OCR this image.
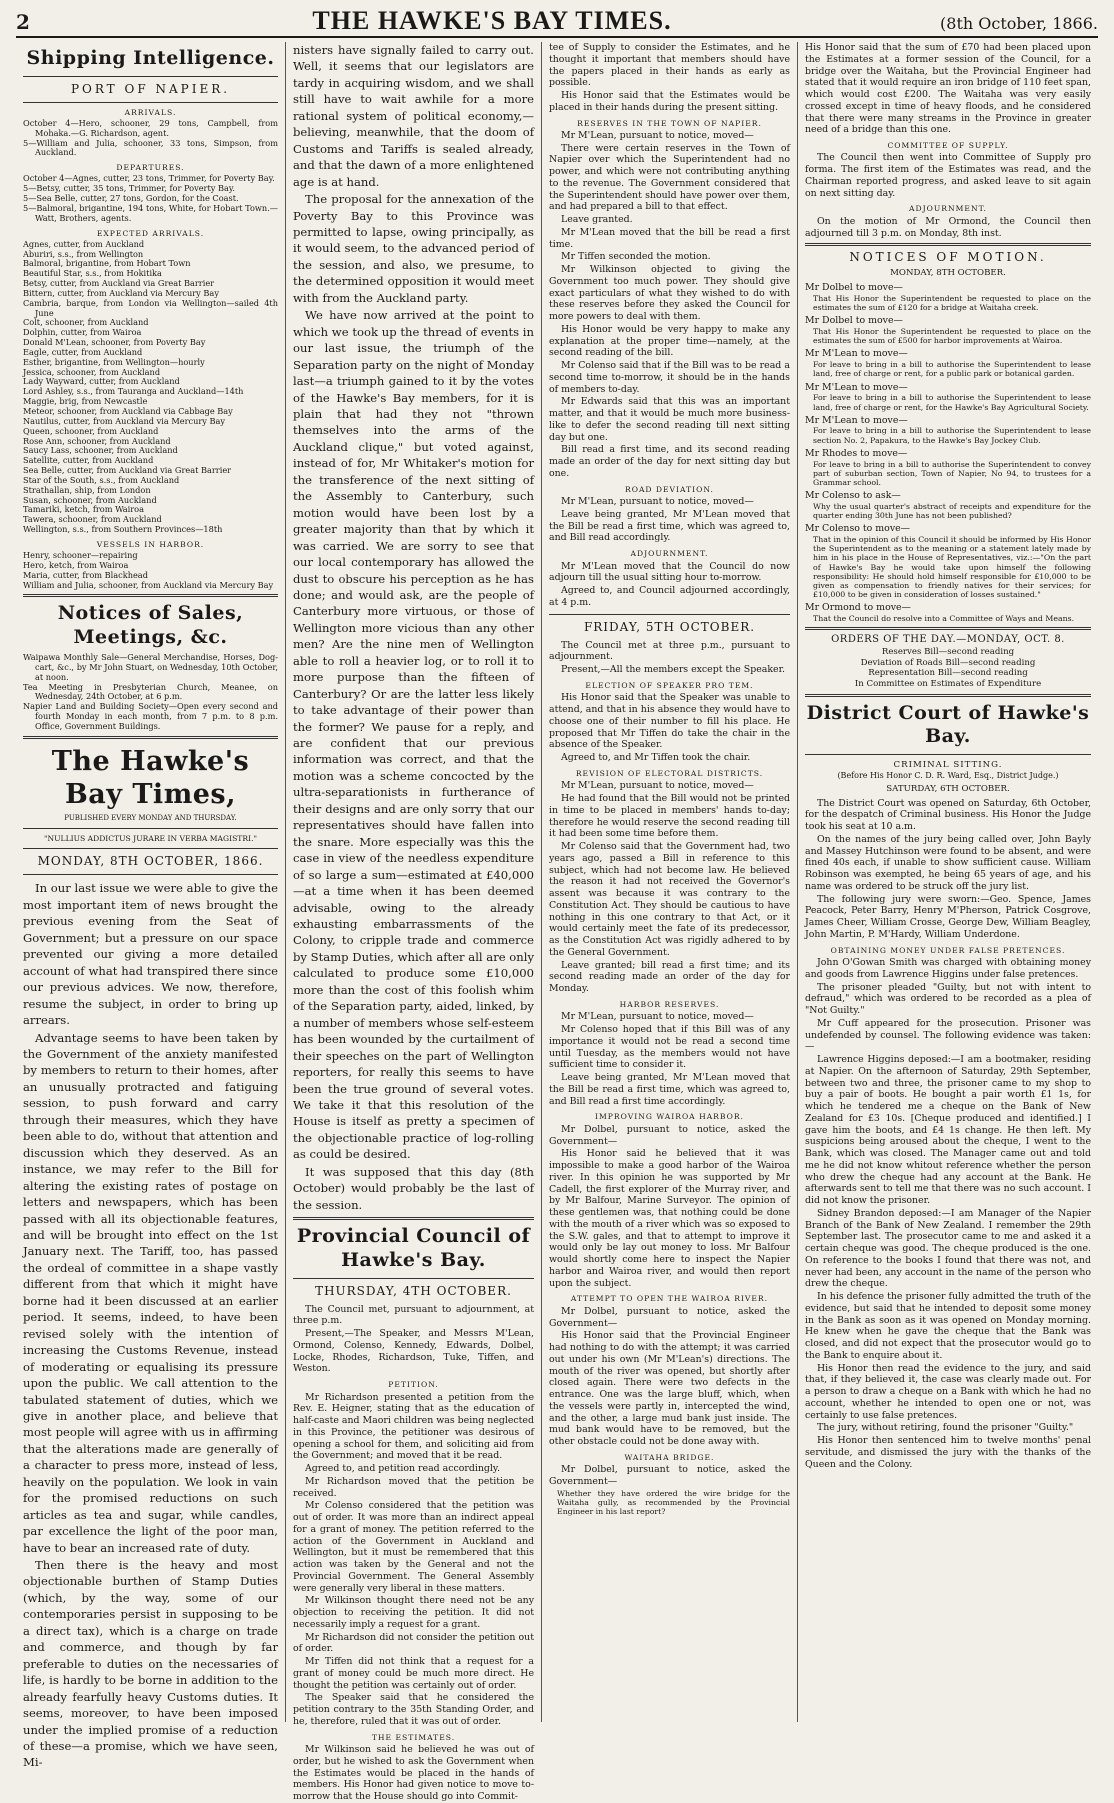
2	THE HAWKE'S BAY TIMES.	(8th October, 1866.
Shipping Intelligence.
PORT OF NAPIER.
ARRIVALS.

October 4—Hero, schooner, 29 tons, Campbell, from Mohaka.—G. Richardson, agent.

5—William and Julia, schooner, 33 tons, Simpson, from Auckland.

DEPARTURES.

October 4—Agnes, cutter, 23 tons, Trimmer, for Poverty Bay.

5—Betsy, cutter, 35 tons, Trimmer, for Poverty Bay.

5—Sea Belle, cutter, 27 tons, Gordon, for the Coast.

5—Balmoral, brigantine, 194 tons, White, for Hobart Town.—Watt, Brothers, agents.

EXPECTED ARRIVALS.

Agnes, cutter, from Auckland

Aburiri, s.s., from Wellington

Balmoral, brigantine, from Hobart Town

Beautiful Star, s.s., from Hokitika

Betsy, cutter, from Auckland via Great Barrier

Bittern, cutter, from Auckland via Mercury Bay

Cambria, barque, from London via Wellington—sailed 4th June

Colt, schooner, from Auckland

Dolphin, cutter, from Wairoa

Donald M'Lean, schooner, from Poverty Bay

Eagle, cutter, from Auckland

Esther, brigantine, from Wellington—hourly

Jessica, schooner, from Auckland

Lady Wayward, cutter, from Auckland

Lord Ashley, s.s., from Tauranga and Auckland—14th

Maggie, brig, from Newcastle

Meteor, schooner, from Auckland via Cabbage Bay

Nautilus, cutter, from Auckland via Mercury Bay

Queen, schooner, from Auckland

Rose Ann, schooner, from Auckland

Saucy Lass, schooner, from Auckland

Satellite, cutter, from Auckland

Sea Belle, cutter, from Auckland via Great Barrier

Star of the South, s.s., from Auckland

Strathallan, ship, from London

Susan, schooner, from Auckland

Tamariki, ketch, from Wairoa

Tawera, schooner, from Auckland

Wellington, s.s., from Southern Provinces—18th

VESSELS IN HARBOR.

Henry, schooner—repairing

Hero, ketch, from Wairoa

Maria, cutter, from Blackhead

William and Julia, schooner, from Auckland via Mercury Bay

Notices of Sales, Meetings, &c.

Waipawa Monthly Sale—General Merchandise, Horses, Dog-cart, &c., by Mr John Stuart, on Wednesday, 10th October, at noon.

Tea Meeting in Presbyterian Church, Meanee, on Wednesday, 24th October, at 6 p.m.

Napier Land and Building Society—Open every second and fourth Monday in each month, from 7 p.m. to 8 p.m. Office, Government Buildings.

The Hawke's Bay Times,
PUBLISHED EVERY MONDAY AND THURSDAY.
"NULLIUS ADDICTUS JURARE IN VERBA MAGISTRI."
MONDAY, 8TH OCTOBER, 1866.

In our last issue we were able to give the most important item of news brought the previous evening from the Seat of Government; but a pressure on our space prevented our giving a more detailed account of what had transpired there since our previous advices. We now, therefore, resume the subject, in order to bring up arrears.

Advantage seems to have been taken by the Government of the anxiety manifested by members to return to their homes, after an unusually protracted and fatiguing session, to push forward and carry through their measures, which they have been able to do, without that attention and discussion which they deserved. As an instance, we may refer to the Bill for altering the existing rates of postage on letters and newspapers, which has been passed with all its objectionable features, and will be brought into effect on the 1st January next. The Tariff, too, has passed the ordeal of committee in a shape vastly different from that which it might have borne had it been discussed at an earlier period. It seems, indeed, to have been revised solely with the intention of increasing the Customs Revenue, instead of moderating or equalising its pressure upon the public. We call attention to the tabulated statement of duties, which we give in another place, and believe that most people will agree with us in affirming that the alterations made are generally of a character to press more, instead of less, heavily on the population. We look in vain for the promised reductions on such articles as tea and sugar, while candles, par excellence the light of the poor man, have to bear an increased rate of duty.

Then there is the heavy and most objectionable burthen of Stamp Duties (which, by the way, some of our contemporaries persist in supposing to be a direct tax), which is a charge on trade and commerce, and though by far preferable to duties on the necessaries of life, is hardly to be borne in addition to the already fearfully heavy Customs duties. It seems, moreover, to have been imposed under the implied promise of a reduction of these—a promise, which we have seen, Mi-

nisters have signally failed to carry out. Well, it seems that our legislators are tardy in acquiring wisdom, and we shall still have to wait awhile for a more rational system of political economy,—believing, meanwhile, that the doom of Customs and Tariffs is sealed already, and that the dawn of a more enlightened age is at hand.

The proposal for the annexation of the Poverty Bay to this Province was permitted to lapse, owing principally, as it would seem, to the advanced period of the session, and also, we presume, to the determined opposition it would meet with from the Auckland party.

We have now arrived at the point to which we took up the thread of events in our last issue, the triumph of the Separation party on the night of Monday last—a triumph gained to it by the votes of the Hawke's Bay members, for it is plain that had they not "thrown themselves into the arms of the Auckland clique," but voted against, instead of for, Mr Whitaker's motion for the transference of the next sitting of the Assembly to Canterbury, such motion would have been lost by a greater majority than that by which it was carried. We are sorry to see that our local contemporary has allowed the dust to obscure his perception as he has done; and would ask, are the people of Canterbury more virtuous, or those of Wellington more vicious than any other men? Are the nine men of Wellington able to roll a heavier log, or to roll it to more purpose than the fifteen of Canterbury? Or are the latter less likely to take advantage of their power than the former? We pause for a reply, and are confident that our previous information was correct, and that the motion was a scheme concocted by the ultra-separationists in furtherance of their designs and are only sorry that our representatives should have fallen into the snare. More especially was this the case in view of the needless expenditure of so large a sum—estimated at £40,000—at a time when it has been deemed advisable, owing to the already exhausting embarrassments of the Colony, to cripple trade and commerce by Stamp Duties, which after all are only calculated to produce some £10,000 more than the cost of this foolish whim of the Separation party, aided, linked, by a number of members whose self-esteem has been wounded by the curtailment of their speeches on the part of Wellington reporters, for really this seems to have been the true ground of several votes. We take it that this resolution of the House is itself as pretty a specimen of the objectionable practice of log-rolling as could be desired.

It was supposed that this day (8th October) would probably be the last of the session.

Provincial Council of Hawke's Bay.
THURSDAY, 4TH OCTOBER.

The Council met, pursuant to adjournment, at three p.m.

Present,—The Speaker, and Messrs M'Lean, Ormond, Colenso, Kennedy, Edwards, Dolbel, Locke, Rhodes, Richardson, Tuke, Tiffen, and Weston.

PETITION.

Mr Richardson presented a petition from the Rev. E. Heigner, stating that as the education of half-caste and Maori children was being neglected in this Province, the petitioner was desirous of opening a school for them, and soliciting aid from the Government; and moved that it be read.

Agreed to, and petition read accordingly.

Mr Richardson moved that the petition be received.

Mr Colenso considered that the petition was out of order. It was more than an indirect appeal for a grant of money. The petition referred to the action of the Government in Auckland and Wellington, but it must be remembered that this action was taken by the General and not the Provincial Government. The General Assembly were generally very liberal in these matters.

Mr Wilkinson thought there need not be any objection to receiving the petition. It did not necessarily imply a request for a grant.

Mr Richardson did not consider the petition out of order.

Mr Tiffen did not think that a request for a grant of money could be much more direct. He thought the petition was certainly out of order.

The Speaker said that he considered the petition contrary to the 35th Standing Order, and he, therefore, ruled that it was out of order.

THE ESTIMATES.

Mr Wilkinson said he believed he was out of order, but he wished to ask the Government when the Estimates would be placed in the hands of members. His Honor had given notice to move to-morrow that the House should go into Commit-

tee of Supply to consider the Estimates, and he thought it important that members should have the papers placed in their hands as early as possible.

His Honor said that the Estimates would be placed in their hands during the present sitting.

RESERVES IN THE TOWN OF NAPIER.

Mr M'Lean, pursuant to notice, moved—

There were certain reserves in the Town of Napier over which the Superintendent had no power, and which were not contributing anything to the revenue. The Government considered that the Superintendent should have power over them, and had prepared a bill to that effect.

Leave granted.

Mr M'Lean moved that the bill be read a first time.

Mr Tiffen seconded the motion.

Mr Wilkinson objected to giving the Government too much power. They should give exact particulars of what they wished to do with these reserves before they asked the Council for more powers to deal with them.

His Honor would be very happy to make any explanation at the proper time—namely, at the second reading of the bill.

Mr Colenso said that if the Bill was to be read a second time to-morrow, it should be in the hands of members to-day.

Mr Edwards said that this was an important matter, and that it would be much more business-like to defer the second reading till next sitting day but one.

Bill read a first time, and its second reading made an order of the day for next sitting day but one.

ROAD DEVIATION.

Mr M'Lean, pursuant to notice, moved—

Leave being granted, Mr M'Lean moved that the Bill be read a first time, which was agreed to, and Bill read accordingly.

ADJOURNMENT.

Mr M'Lean moved that the Council do now adjourn till the usual sitting hour to-morrow.

Agreed to, and Council adjourned accordingly, at 4 p.m.

FRIDAY, 5TH OCTOBER.

The Council met at three p.m., pursuant to adjournment.

Present,—All the members except the Speaker.

ELECTION OF SPEAKER PRO TEM.

His Honor said that the Speaker was unable to attend, and that in his absence they would have to choose one of their number to fill his place. He proposed that Mr Tiffen do take the chair in the absence of the Speaker.

Agreed to, and Mr Tiffen took the chair.

REVISION OF ELECTORAL DISTRICTS.

Mr M'Lean, pursuant to notice, moved—

He had found that the Bill would not be printed in time to be placed in members' hands to-day; therefore he would reserve the second reading till it had been some time before them.

Mr Colenso said that the Government had, two years ago, passed a Bill in reference to this subject, which had not become law. He believed the reason it had not received the Governor's assent was because it was contrary to the Constitution Act. They should be cautious to have nothing in this one contrary to that Act, or it would certainly meet the fate of its predecessor, as the Constitution Act was rigidly adhered to by the General Government.

Leave granted; bill read a first time; and its second reading made an order of the day for Monday.

HARBOR RESERVES.

Mr M'Lean, pursuant to notice, moved—

Mr Colenso hoped that if this Bill was of any importance it would not be read a second time until Tuesday, as the members would not have sufficient time to consider it.

Leave being granted, Mr M'Lean moved that the Bill be read a first time, which was agreed to, and Bill read a first time accordingly.

IMPROVING WAIROA HARBOR.

Mr Dolbel, pursuant to notice, asked the Government—

His Honor said he believed that it was impossible to make a good harbor of the Wairoa river. In this opinion he was supported by Mr Cadell, the first explorer of the Murray river, and by Mr Balfour, Marine Surveyor. The opinion of these gentlemen was, that nothing could be done with the mouth of a river which was so exposed to the S.W. gales, and that to attempt to improve it would only be lay out money to loss. Mr Balfour would shortly come here to inspect the Napier harbor and Wairoa river, and would then report upon the subject.

ATTEMPT TO OPEN THE WAIROA RIVER.

Mr Dolbel, pursuant to notice, asked the Government—

His Honor said that the Provincial Engineer had nothing to do with the attempt; it was carried out under his own (Mr M'Lean's) directions. The mouth of the river was opened, but shortly after closed again. There were two defects in the entrance. One was the large bluff, which, when the vessels were partly in, intercepted the wind, and the other, a large mud bank just inside. The mud bank would have to be removed, but the other obstacle could not be done away with.

WAITAHA BRIDGE.

Mr Dolbel, pursuant to notice, asked the Government—

Whether they have ordered the wire bridge for the Waitaha gully, as recommended by the Provincial Engineer in his last report?

His Honor said that the sum of £70 had been placed upon the Estimates at a former session of the Council, for a bridge over the Waitaha, but the Provincial Engineer had stated that it would require an iron bridge of 110 feet span, which would cost £200. The Waitaha was very easily crossed except in time of heavy floods, and he considered that there were many streams in the Province in greater need of a bridge than this one.

COMMITTEE OF SUPPLY.

The Council then went into Committee of Supply pro forma. The first item of the Estimates was read, and the Chairman reported progress, and asked leave to sit again on next sitting day.

ADJOURNMENT.

On the motion of Mr Ormond, the Council then adjourned till 3 p.m. on Monday, 8th inst.

NOTICES OF MOTION.
MONDAY, 8TH OCTOBER.

Mr Dolbel to move—

That His Honor the Superintendent be requested to place on the estimates the sum of £120 for a bridge at Waitaha creek.

Mr Dolbel to move—

That His Honor the Superintendent be requested to place on the estimates the sum of £500 for harbor improvements at Wairoa.

Mr M'Lean to move—

For leave to bring in a bill to authorise the Superintendent to lease land, free of charge or rent, for a public park or botanical garden.

Mr M'Lean to move—

For leave to bring in a bill to authorise the Superintendent to lease land, free of charge or rent, for the Hawke's Bay Agricultural Society.

Mr M'Lean to move—

For leave to bring in a bill to authorise the Superintendent to lease section No. 2, Papakura, to the Hawke's Bay Jockey Club.

Mr Rhodes to move—

For leave to bring in a bill to authorise the Superintendent to convey part of suburban section, Town of Napier, No 94, to trustees for a Grammar school.

Mr Colenso to ask—

Why the usual quarter's abstract of receipts and expenditure for the quarter ending 30th June has not been published?

Mr Colenso to move—

That in the opinion of this Council it should be informed by His Honor the Superintendent as to the meaning or a statement lately made by him in his place in the House of Representatives, viz.:—"On the part of Hawke's Bay he would take upon himself the following responsibility: He should hold himself responsible for £10,000 to be given as compensation to friendly natives for their services; for £10,000 to be given in consideration of losses sustained."

Mr Ormond to move—

That the Council do resolve into a Committee of Ways and Means.

ORDERS OF THE DAY.—MONDAY, OCT. 8.

Reserves Bill—second reading

Deviation of Roads Bill—second reading

Representation Bill—second reading

In Committee on Estimates of Expenditure

District Court of Hawke's Bay.
CRIMINAL SITTING.
(Before His Honor C. D. R. Ward, Esq., District Judge.)
SATURDAY, 6TH OCTOBER.

The District Court was opened on Saturday, 6th October, for the despatch of Criminal business. His Honor the Judge took his seat at 10 a.m.

On the names of the jury being called over, John Bayly and Massey Hutchinson were found to be absent, and were fined 40s each, if unable to show sufficient cause. William Robinson was exempted, he being 65 years of age, and his name was ordered to be struck off the jury list.

The following jury were sworn:—Geo. Spence, James Peacock, Peter Barry, Henry M'Pherson, Patrick Cosgrove, James Cheer, William Crosse, George Dew, William Beagley, John Martin, P. M'Hardy, William Underdone.

OBTAINING MONEY UNDER FALSE PRETENCES.

John O'Gowan Smith was charged with obtaining money and goods from Lawrence Higgins under false pretences.

The prisoner pleaded "Guilty, but not with intent to defraud," which was ordered to be recorded as a plea of "Not Guilty."

Mr Cuff appeared for the prosecution. Prisoner was undefended by counsel. The following evidence was taken:—

Lawrence Higgins deposed:—I am a bootmaker, residing at Napier. On the afternoon of Saturday, 29th September, between two and three, the prisoner came to my shop to buy a pair of boots. He bought a pair worth £1 1s, for which he tendered me a cheque on the Bank of New Zealand for £3 10s. [Cheque produced and identified.] I gave him the boots, and £4 1s change. He then left. My suspicions being aroused about the cheque, I went to the Bank, which was closed. The Manager came out and told me he did not know whitout reference whether the person who drew the cheque had any account at the Bank. He afterwards sent to tell me that there was no such account. I did not know the prisoner.

Sidney Brandon deposed:—I am Manager of the Napier Branch of the Bank of New Zealand. I remember the 29th September last. The prosecutor came to me and asked it a certain cheque was good. The cheque produced is the one. On reference to the books I found that there was not, and never had been, any account in the name of the person who drew the cheque.

In his defence the prisoner fully admitted the truth of the evidence, but said that he intended to deposit some money in the Bank as soon as it was opened on Monday morning. He knew when he gave the cheque that the Bank was closed, and did not expect that the prosecutor would go to the Bank to enquire about it.

His Honor then read the evidence to the jury, and said that, if they believed it, the case was clearly made out. For a person to draw a cheque on a Bank with which he had no account, whether he intended to open one or not, was certainly to use false pretences.

The jury, without retiring, found the prisoner "Guilty."

His Honor then sentenced him to twelve months' penal servitude, and dismissed the jury with the thanks of the Queen and the Colony.
